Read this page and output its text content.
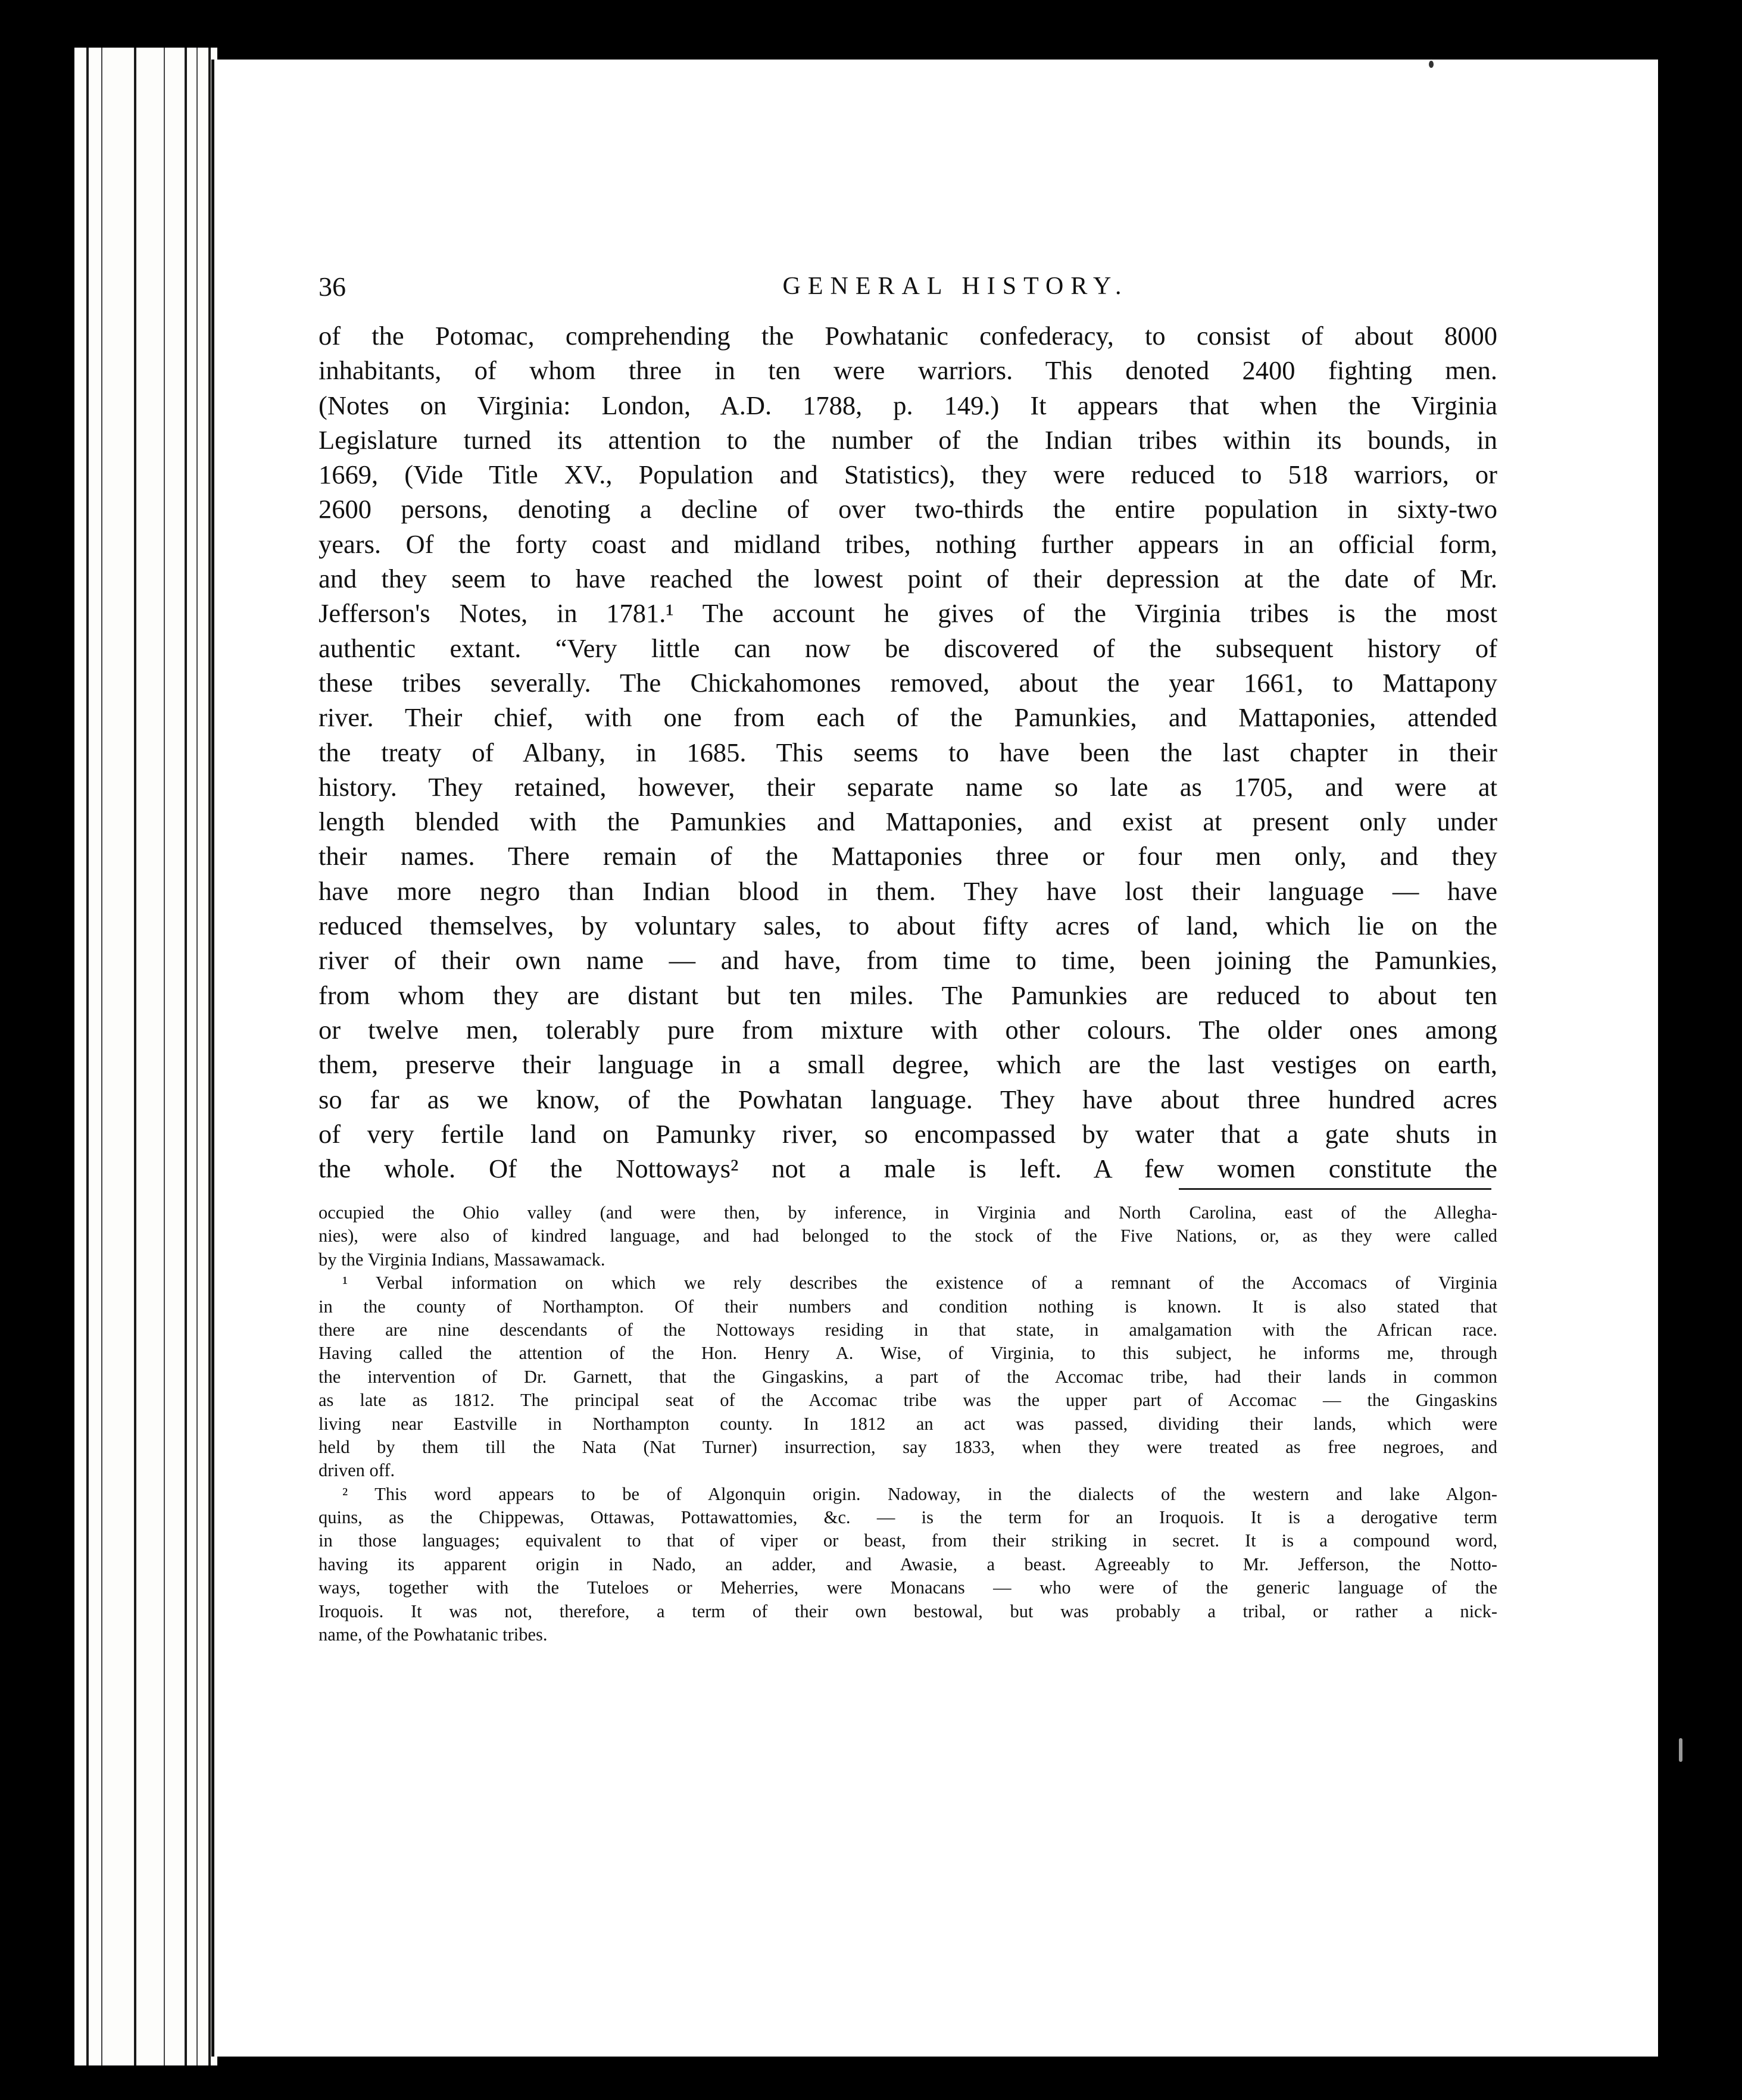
36	GENERAL HISTORY.
of the Potomac, comprehending the Powhatanic confederacy, to consist of about 8000
inhabitants, of whom three in ten were warriors. This denoted 2400 fighting men.
(Notes on Virginia: London, A.D. 1788, p. 149.) It appears that when the Virginia
Legislature turned its attention to the number of the Indian tribes within its bounds, in
1669, (Vide Title XV., Population and Statistics), they were reduced to 518 warriors, or
2600 persons, denoting a decline of over two-thirds the entire population in sixty-two
years. Of the forty coast and midland tribes, nothing further appears in an official form,
and they seem to have reached the lowest point of their depression at the date of Mr.
Jefferson's Notes, in 1781.¹ The account he gives of the Virginia tribes is the most
authentic extant. “Very little can now be discovered of the subsequent history of
these tribes severally. The Chickahomones removed, about the year 1661, to Mattapony
river. Their chief, with one from each of the Pamunkies, and Mattaponies, attended
the treaty of Albany, in 1685. This seems to have been the last chapter in their
history. They retained, however, their separate name so late as 1705, and were at
length blended with the Pamunkies and Mattaponies, and exist at present only under
their names. There remain of the Mattaponies three or four men only, and they
have more negro than Indian blood in them. They have lost their language — have
reduced themselves, by voluntary sales, to about fifty acres of land, which lie on the
river of their own name — and have, from time to time, been joining the Pamunkies,
from whom they are distant but ten miles. The Pamunkies are reduced to about ten
or twelve men, tolerably pure from mixture with other colours. The older ones among
them, preserve their language in a small degree, which are the last vestiges on earth,
so far as we know, of the Powhatan language. They have about three hundred acres
of very fertile land on Pamunky river, so encompassed by water that a gate shuts in
the whole. Of the Nottoways² not a male is left. A few women constitute the
occupied the Ohio valley (and were then, by inference, in Virginia and North Carolina, east of the Allegha-
nies), were also of kindred language, and had belonged to the stock of the Five Nations, or, as they were called
by the Virginia Indians, Massawamack.
¹ Verbal information on which we rely describes the existence of a remnant of the Accomacs of Virginia
in the county of Northampton. Of their numbers and condition nothing is known. It is also stated that
there are nine descendants of the Nottoways residing in that state, in amalgamation with the African race.
Having called the attention of the Hon. Henry A. Wise, of Virginia, to this subject, he informs me, through
the intervention of Dr. Garnett, that the Gingaskins, a part of the Accomac tribe, had their lands in common
as late as 1812. The principal seat of the Accomac tribe was the upper part of Accomac — the Gingaskins
living near Eastville in Northampton county. In 1812 an act was passed, dividing their lands, which were
held by them till the Nata (Nat Turner) insurrection, say 1833, when they were treated as free negroes, and
driven off.
² This word appears to be of Algonquin origin. Nadoway, in the dialects of the western and lake Algon-
quins, as the Chippewas, Ottawas, Pottawattomies, &c. — is the term for an Iroquois. It is a derogative term
in those languages; equivalent to that of viper or beast, from their striking in secret. It is a compound word,
having its apparent origin in Nado, an adder, and Awasie, a beast. Agreeably to Mr. Jefferson, the Notto-
ways, together with the Tuteloes or Meherries, were Monacans — who were of the generic language of the
Iroquois. It was not, therefore, a term of their own bestowal, but was probably a tribal, or rather a nick-
name, of the Powhatanic tribes.
